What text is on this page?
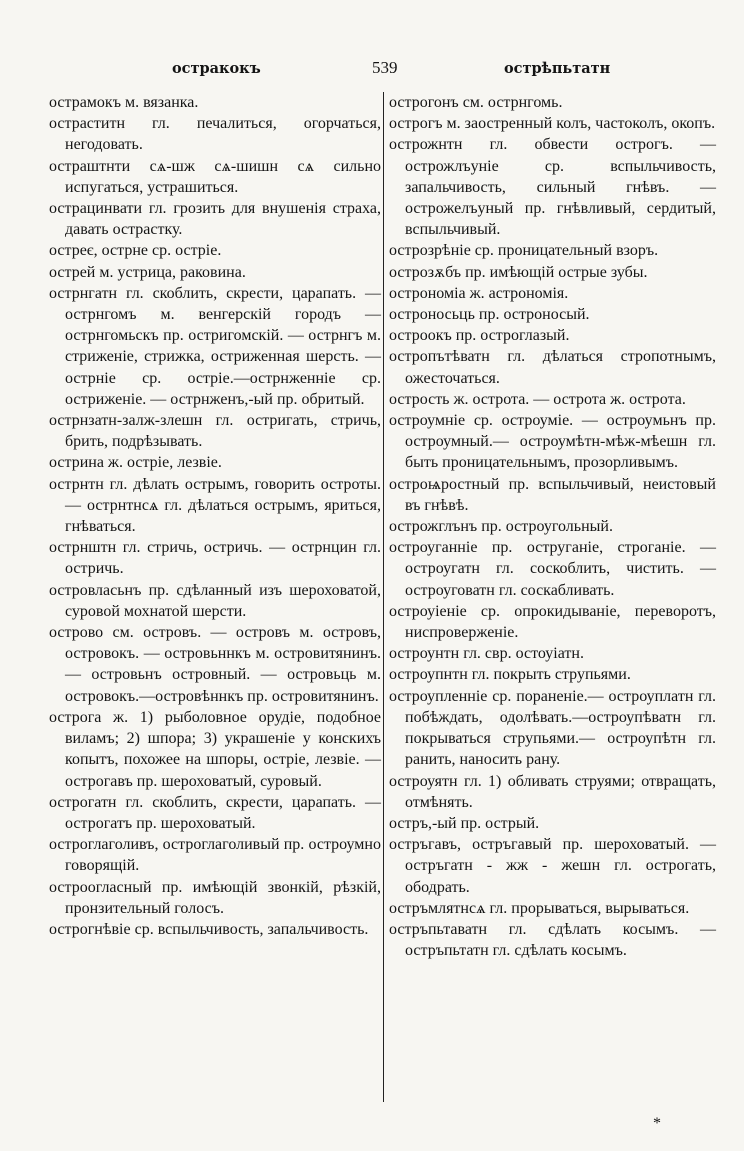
остракокъ	539	острѣпьтатн

острамокъ м. вязанка.

остраститн гл. печалиться, огорчаться, негодовать.

остраштнти сѧ-шж сѧ-шишн сѧ сильно испугаться, устрашиться.

острацинвати гл. грозить для внушенія страха, давать острастку.

остреє, острне ср. остріе.

острей м. устрица, раковина.

острнгатн гл. скоблить, скрести, царапать. — острнгомъ м. венгерскій городъ — острнгомьскъ пр. остригомскій. — острнгъ м. стриженіе, стрижка, остриженная шерсть. — острніе ср. остріе.—острнженніе ср. остриженіе. — острнженъ,-ый пр. обритый.

острнзатн-залж-злешн гл. остригать, стричь, брить, подрѣзывать.

острина ж. остріе, лезвіе.

острнтн гл. дѣлать острымъ, говорить остроты. — острнтнсѧ гл. дѣлаться острымъ, яриться, гнѣваться.

острнштн гл. стричь, остричь. — острнцин гл. остричь.

островласьнъ пр. сдѣланный изъ шероховатой, суровой мохнатой шерсти.

острово см. островъ. — островъ м. островъ, островокъ. — островьннкъ м. островитянинъ. — островьнъ островный. — островьць м. островокъ.—островѣннкъ пр. островитянинъ.

острога ж. 1) рыболовное орудіе, подобное виламъ; 2) шпора; 3) украшеніе у конскихъ копытъ, похожее на шпоры, остріе, лезвіе. — острогавъ пр. шероховатый, суровый.

острогатн гл. скоблить, скрести, царапать. — острогатъ пр. шероховатый.

остроглаголивъ, остроглаголивый пр. остроумно говорящій.

остроогласный пр. имѣющій звонкій, рѣзкій, пронзительный голосъ.

острогнѣвіе ср. вспыльчивость, запальчивость.

острогонъ см. острнгомь.

острогъ м. заостренный колъ, частоколъ, окопъ.

острожнтн гл. обвести острогъ. — острожлъуніе ср. вспыльчивость, запальчивость, сильный гнѣвъ. — острожелъуный пр. гнѣвливый, сердитый, вспыльчивый.

острозрѣніе ср. проницательный взоръ.

острозѫбъ пр. имѣющій острые зубы.

острономіа ж. астрономія.

остроносьць пр. остроносый.

остроокъ пр. остроглазый.

остропътѣватн гл. дѣлаться стропотнымъ, ожесточаться.

острость ж. острота. — острота ж. острота.

остроумніе ср. остроуміе. — остроумьнъ пр. остроумный.— остроумѣтн-мѣж-мѣешн гл. быть проницательнымъ, прозорливымъ.

остроѩростный пр. вспыльчивый, неистовый въ гнѣвѣ.

острожглънъ пр. остроугольный.

остроуганніе пр. оструганіе, строганіе. — остроугатн гл. соскоблить, чистить. — остроуговатн гл. соскабливать.

остроуіеніе ср. опрокидываніе, переворотъ, ниспроверженіе.

остроунтн гл. свр. остоуіатн.

остроупнтн гл. покрыть струпьями.

остроупленніе ср. пораненіе.— остроуплатн гл. побѣждать, одолѣвать.—остроупѣватн гл. покрываться струпьями.— остроупѣтн гл. ранить, наносить рану.

остроуятн гл. 1) обливать струями; отвращать, отмѣнять.

остръ,-ый пр. острый.

остръгавъ, остръгавый пр. шероховатый. — остръгатн - жж - жешн гл. острогать, ободрать.

остръмлятнсѧ гл. прорываться, вырываться.

остръпьтаватн гл. сдѣлать косымъ. —остръпьтатн гл. сдѣлать косымъ.

*
